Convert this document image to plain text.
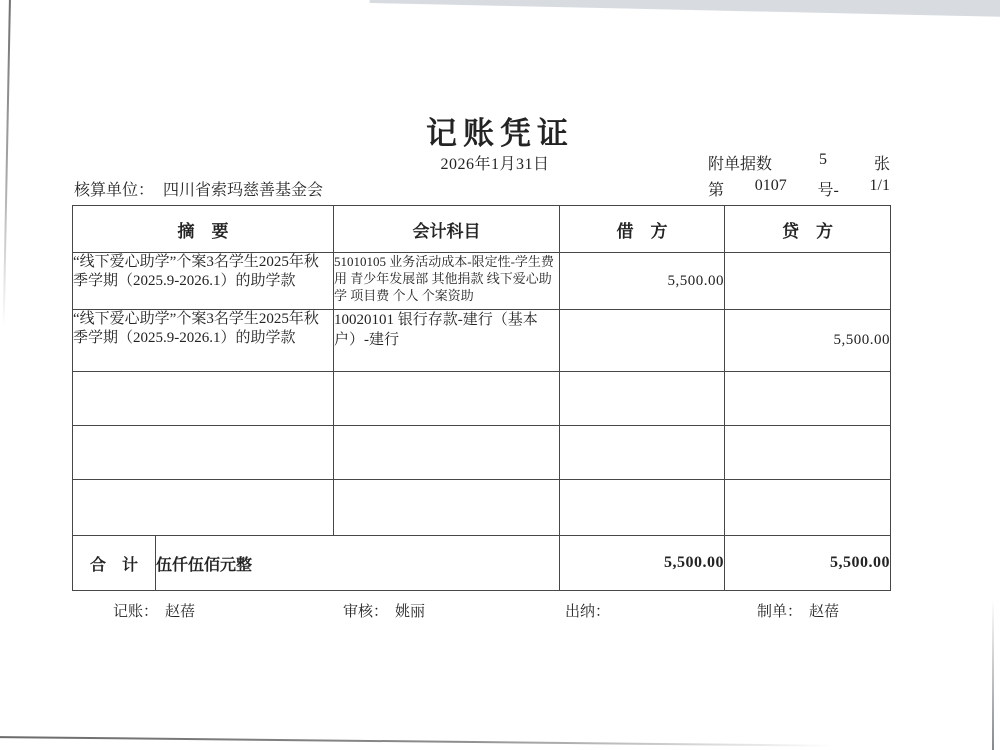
记账凭证
2026年1月31日	附单据数	5	张
核算单位： 四川省索玛慈善基金会	第 0107 号- 1/1
摘　要		会计科目	借　方	贷　方
“线下爱心助学”个案3名学生2025年秋季学期（2025.9-2026.1）的助学款		51010105 业务活动成本-限定性-学生费用 青少年发展部 其他捐款 线下爱心助学 项目费 个人 个案资助	5,500.00	
“线下爱心助学”个案3名学生2025年秋季学期（2025.9-2026.1）的助学款		10020101 银行存款-建行（基本户）-建行		5,500.00

合　计	伍仟伍佰元整		5,500.00	5,500.00
记账： 赵蓓	审核： 姚丽	出纳：	制单： 赵蓓
